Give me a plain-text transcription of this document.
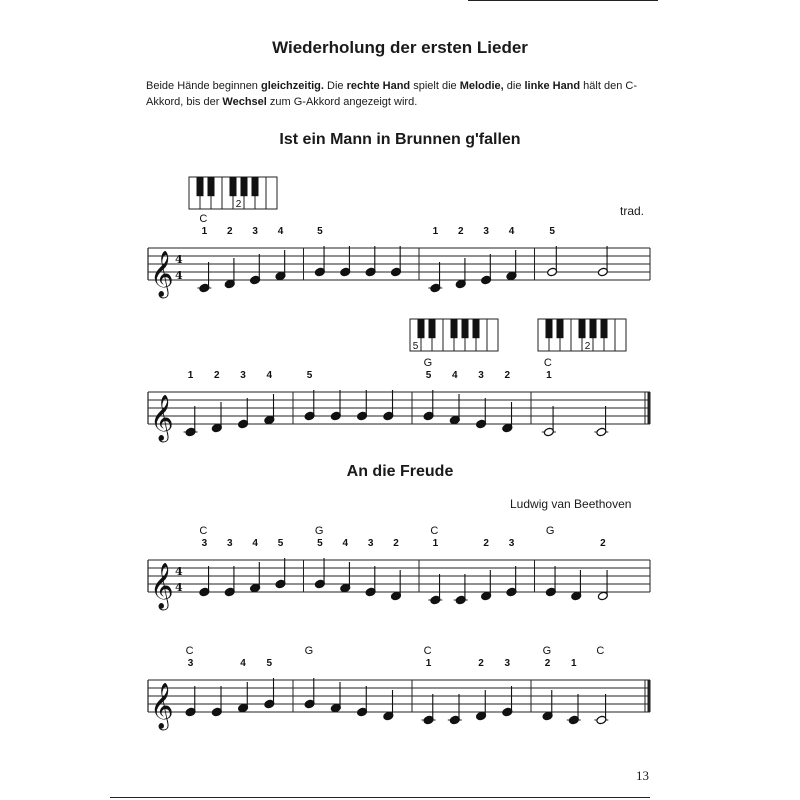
Wiederholung der ersten Lieder
Beide Hände beginnen gleichzeitig. Die rechte Hand spielt die Melodie, die linke Hand hält den C-Akkord, bis der Wechsel zum G-Akkord angezeigt wird.
Ist ein Mann in Brunnen g'fallen
trad.
An die Freude
Ludwig van Beethoven
13
2
5	2
𝄞 4
4
1
C
2 3 4	5	1 2 3 4	5
𝄞
1 2 3 4	5	5
G
4 3 2	1
C
𝄞 4
4
3
C
3 4 5	5
G
4 3 2	1
C
2 3
G
2
𝄞
3
C
4 5
G
1
C
2 3	2
G
1
C
